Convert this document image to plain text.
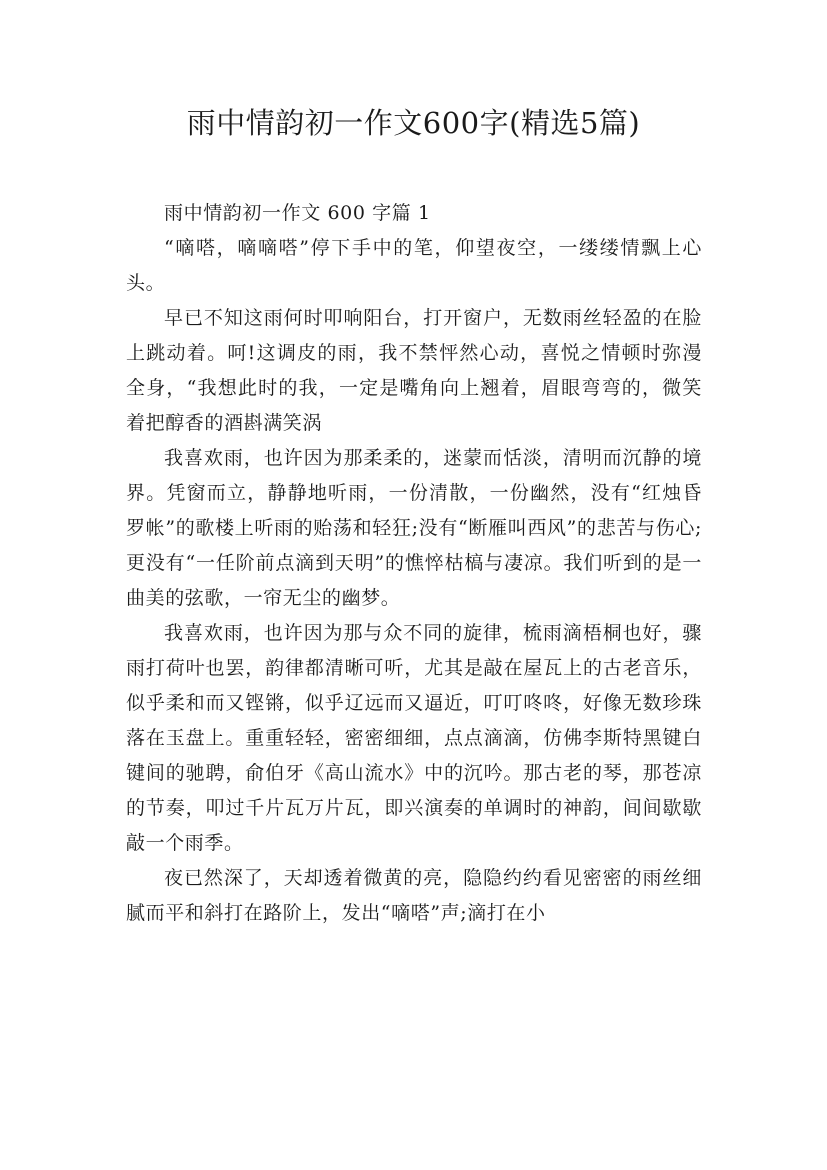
雨中情韵初一作文600字(精选5篇)

雨中情韵初一作文 600 字篇 1

“嘀嗒，嘀嘀嗒”停下手中的笔，仰望夜空，一缕缕情飘上心头。

早已不知这雨何时叩响阳台，打开窗户，无数雨丝轻盈的在脸上跳动着。呵!这调皮的雨，我不禁怦然心动，喜悦之情顿时弥漫全身，“我想此时的我，一定是嘴角向上翘着，眉眼弯弯的，微笑着把醇香的酒斟满笑涡

我喜欢雨，也许因为那柔柔的，迷蒙而恬淡，清明而沉静的境界。凭窗而立，静静地听雨，一份清散，一份幽然，没有“红烛昏罗帐”的歌楼上听雨的贻荡和轻狂;没有“断雁叫西风”的悲苦与伤心;更没有“一任阶前点滴到天明”的憔悴枯槁与凄凉。我们听到的是一曲美的弦歌，一帘无尘的幽梦。

我喜欢雨，也许因为那与众不同的旋律，梳雨滴梧桐也好，骤雨打荷叶也罢，韵律都清晰可听，尤其是敲在屋瓦上的古老音乐，似乎柔和而又铿锵，似乎辽远而又逼近，叮叮咚咚，好像无数珍珠落在玉盘上。重重轻轻，密密细细，点点滴滴，仿佛李斯特黑键白键间的驰聘，俞伯牙《高山流水》中的沉吟。那古老的琴，那苍凉的节奏，叩过千片瓦万片瓦，即兴演奏的单调时的神韵，间间歇歇敲一个雨季。

夜已然深了，天却透着微黄的亮，隐隐约约看见密密的雨丝细腻而平和斜打在路阶上，发出“嘀嗒”声;滴打在小
